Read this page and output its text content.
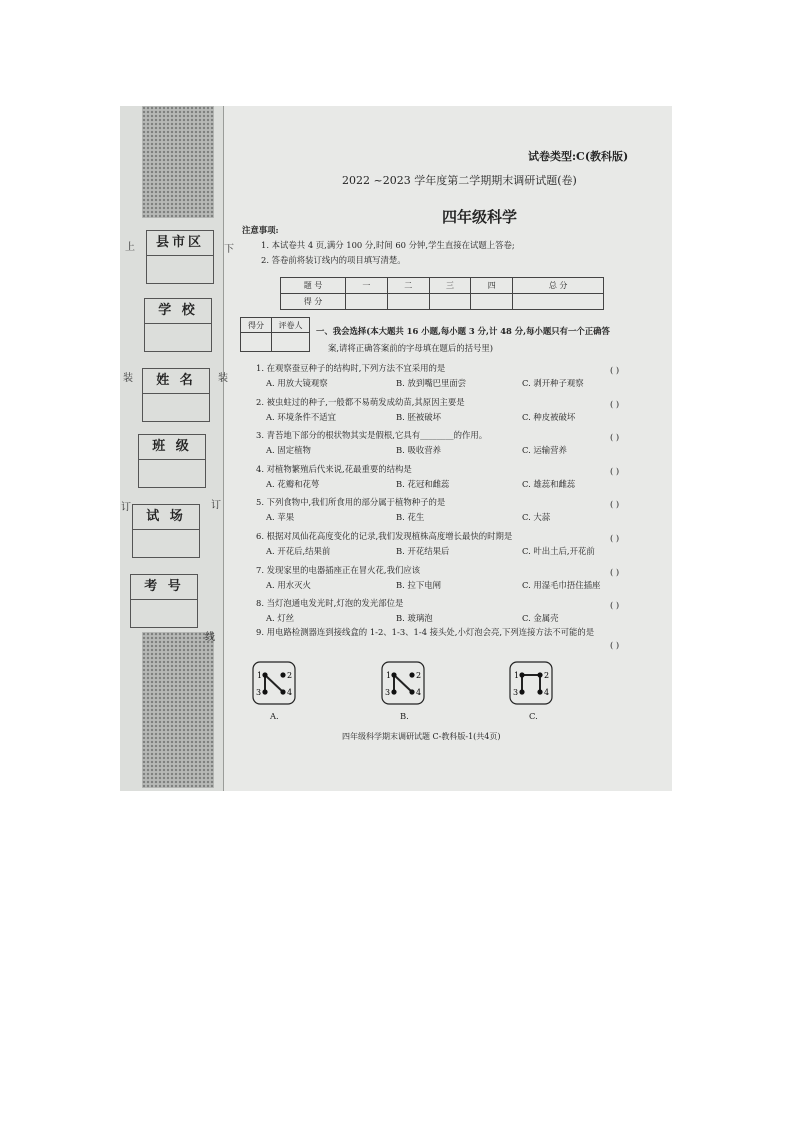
上	下
装	装
订	订
线
县市区
学 校
姓 名
班 级
试 场
考 号
试卷类型:C(教科版)
2022 ~2023 学年度第二学期期末调研试题(卷)
四年级科学
注意事项:
1. 本试卷共 4 页,满分 100 分,时间 60 分钟,学生直接在试题上答卷;
2. 答卷前将装订线内的项目填写清楚。
题 号	一	二	三	四	总 分
得 分					
得分	评卷人

一、我会选择(本大题共 16 小题,每小题 3 分,计 48 分,每小题只有一个正确答
案,请将正确答案前的字母填在题后的括号里)
1. 在观察蚕豆种子的结构时,下列方法不宜采用的是	( )
A. 用放大镜观察	B. 放到嘴巴里面尝	C. 剥开种子观察
2. 被虫蛀过的种子,一般都不易萌发成幼苗,其原因主要是	( )
A. 环境条件不适宜	B. 胚被破坏	C. 种皮被破坏
3. 青苔地下部分的根状物其实是假根,它具有________的作用。	( )
A. 固定植物	B. 吸收营养	C. 运输营养
4. 对植物繁殖后代来说,花最重要的结构是	( )
A. 花瓣和花萼	B. 花冠和雌蕊	C. 雄蕊和雌蕊
5. 下列食物中,我们所食用的部分属于植物种子的是	( )
A. 苹果	B. 花生	C. 大蒜
6. 根据对凤仙花高度变化的记录,我们发现植株高度增长最快的时期是	( )
A. 开花后,结果前	B. 开花结果后	C. 叶出土后,开花前
7. 发现家里的电器插座正在冒火花,我们应该	( )
A. 用水灭火	B. 拉下电闸	C. 用湿毛巾捂住插座
8. 当灯泡通电发光时,灯泡的发光部位是	( )
A. 灯丝	B. 玻璃泡	C. 金属壳
9. 用电路检测器连到接线盒的 1-2、1-3、1-4 接头处,小灯泡会亮,下列连接方法不可能的是
( )
1	2
3	4
A.
1	2
3	4
B.
1	2
3	4
C.
四年级科学期末调研试题 C-教科版-1(共4页)
